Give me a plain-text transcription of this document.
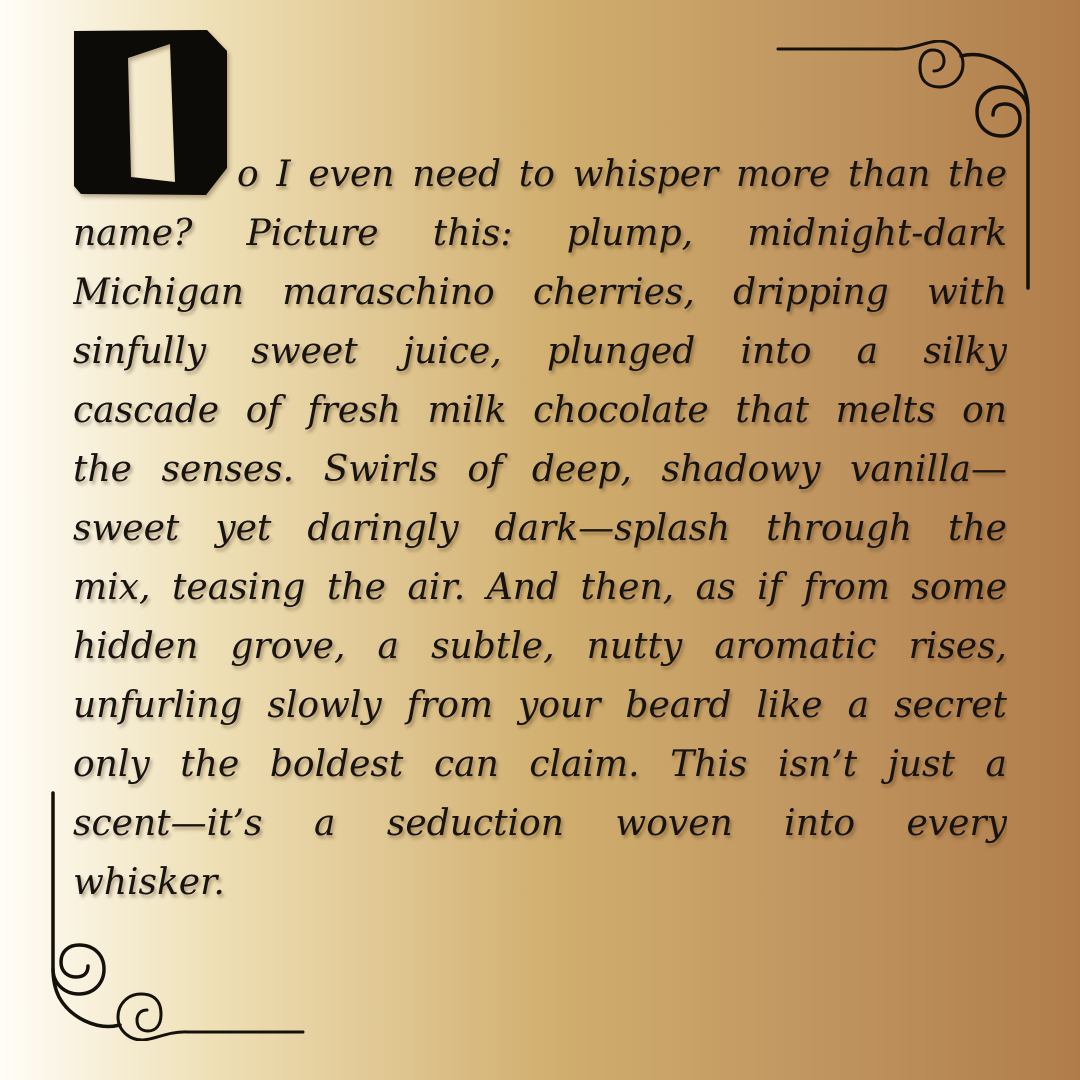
o I even need to whisper more than the
name? Picture this: plump, midnight-dark
Michigan maraschino cherries, dripping with
sinfully sweet juice, plunged into a silky
cascade of fresh milk chocolate that melts on
the senses. Swirls of deep, shadowy vanilla—
sweet yet daringly dark—splash through the
mix, teasing the air. And then, as if from some
hidden grove, a subtle, nutty aromatic rises,
unfurling slowly from your beard like a secret
only the boldest can claim. This isn’t just a
scent—it’s a seduction woven into every
whisker.
